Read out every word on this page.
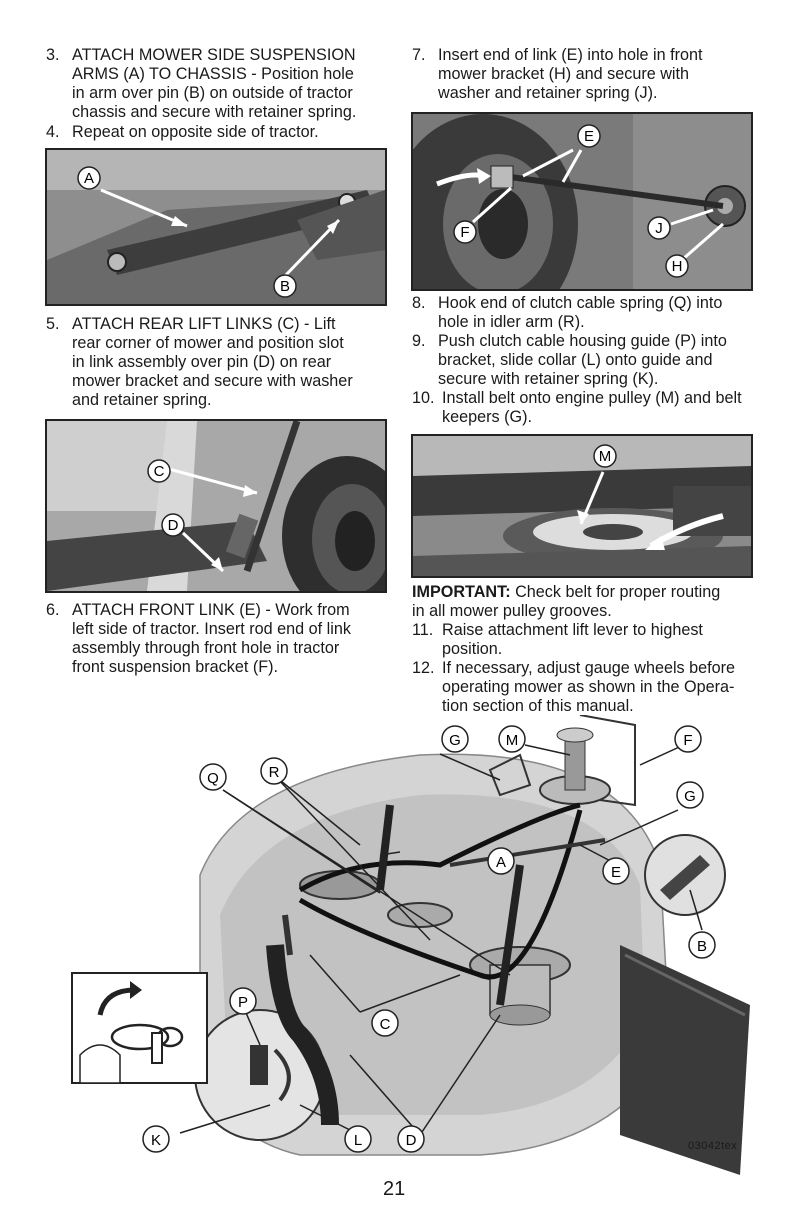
3. ATTACH MOWER SIDE SUSPENSION
ARMS (A) TO CHASSIS - Position hole
in arm over pin (B) on outside of tractor
chassis and secure with retainer spring.
4. Repeat on opposite side of tractor.
A
B
5. ATTACH REAR LIFT LINKS (C) - Lift
rear corner of mower and position slot
in link assembly over pin (D) on rear
mower bracket and secure with washer
and retainer spring.
C
D
6. ATTACH FRONT LINK (E) - Work from
left side of tractor. Insert rod end of link
assembly through front hole in tractor
front suspension bracket (F).
7. Insert end of link (E) into hole in front
mower bracket (H) and secure with
washer and retainer spring (J).
E
F	J
H
8. Hook end of clutch cable spring (Q) into
hole in idler arm (R).
9. Push clutch cable housing guide (P) into
bracket, slide collar (L) onto guide and
secure with retainer spring (K).
10. Install belt onto engine pulley (M) and belt
keepers (G).
M
IMPORTANT: Check belt for proper routing
in all mower pulley grooves.
11. Raise attachment lift lever to highest
position.
12. If necessary, adjust gauge wheels before
operating mower as shown in the Opera-
tion section of this manual.
G	M	F
Q	R
G
A
E
B
P
C
K	L	D	03042tex
21
